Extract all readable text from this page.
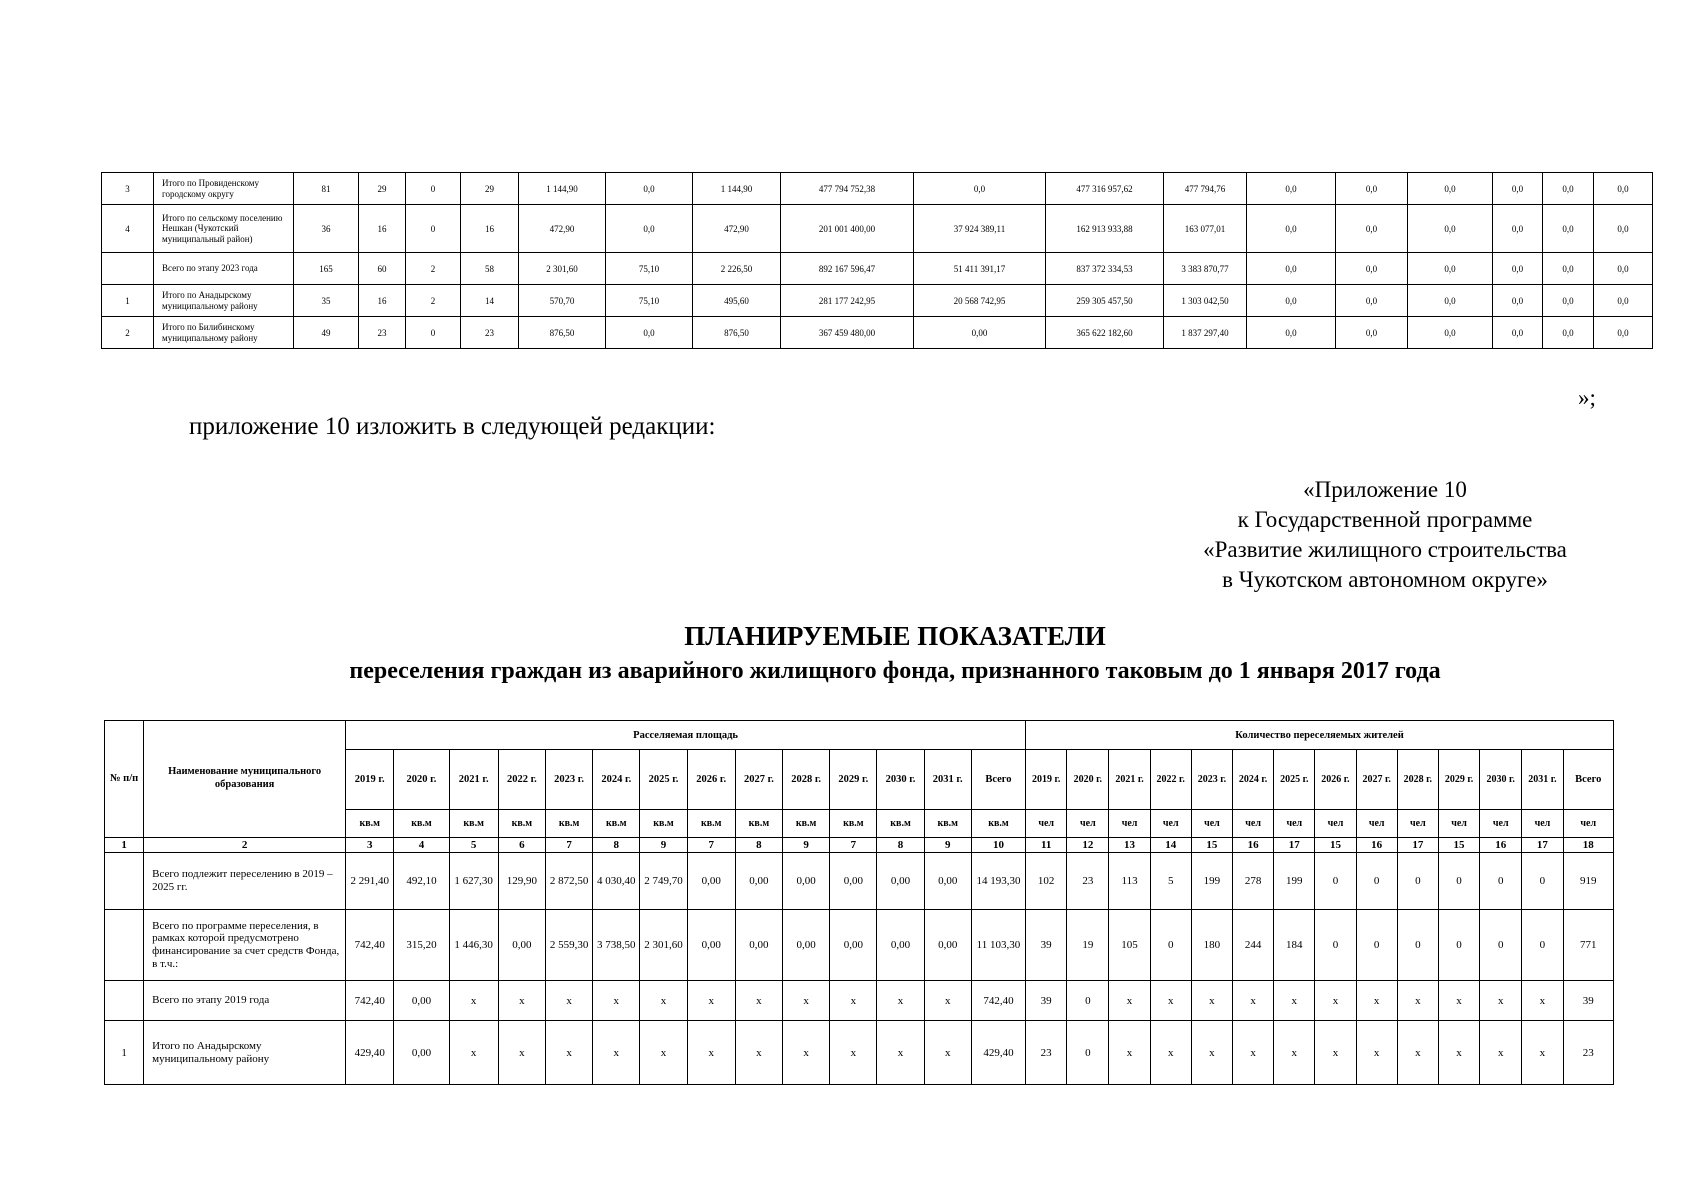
3	Итого по Провиденскому городскому округу	81	29	0	29	1 144,90	0,0	1 144,90	477 794 752,38	0,0	477 316 957,62	477 794,76	0,0	0,0	0,0	0,0	0,0	0,0
4	Итого по сельскому поселению Нешкан (Чукотский муниципальный район)	36	16	0	16	472,90	0,0	472,90	201 001 400,00	37 924 389,11	162 913 933,88	163 077,01	0,0	0,0	0,0	0,0	0,0	0,0
	Всего по этапу 2023 года	165	60	2	58	2 301,60	75,10	2 226,50	892 167 596,47	51 411 391,17	837 372 334,53	3 383 870,77	0,0	0,0	0,0	0,0	0,0	0,0
1	Итого по Анадырскому муниципальному району	35	16	2	14	570,70	75,10	495,60	281 177 242,95	20 568 742,95	259 305 457,50	1 303 042,50	0,0	0,0	0,0	0,0	0,0	0,0
2	Итого по Билибинскому муниципальному району	49	23	0	23	876,50	0,0	876,50	367 459 480,00	0,00	365 622 182,60	1 837 297,40	0,0	0,0	0,0	0,0	0,0	0,0
»;
приложение 10 изложить в следующей редакции:
«Приложение 10
к Государственной программе
«Развитие жилищного строительства
в Чукотском автономном округе»
ПЛАНИРУЕМЫЕ ПОКАЗАТЕЛИ
переселения граждан из аварийного жилищного фонда, признанного таковым до 1 января 2017 года
№ п/п	Наименование муниципального образования	Расселяемая площадь														Количество переселяемых жителей													
		2019 г.	2020 г.	2021 г.	2022 г.	2023 г.	2024 г.	2025 г.	2026 г.	2027 г.	2028 г.	2029 г.	2030 г.	2031 г.	Всего	2019 г.	2020 г.	2021 г.	2022 г.	2023 г.	2024 г.	2025 г.	2026 г.	2027 г.	2028 г.	2029 г.	2030 г.	2031 г.	Всего
		кв.м	кв.м	кв.м	кв.м	кв.м	кв.м	кв.м	кв.м	кв.м	кв.м	кв.м	кв.м	кв.м	кв.м	чел	чел	чел	чел	чел	чел	чел	чел	чел	чел	чел	чел	чел	чел
1	2	3	4	5	6	7	8	9	7	8	9	7	8	9	10	11	12	13	14	15	16	17	15	16	17	15	16	17	18
	Всего подлежит переселению в 2019 – 2025 гг.	2 291,40	492,10	1 627,30	129,90	2 872,50	4 030,40	2 749,70	0,00	0,00	0,00	0,00	0,00	0,00	14 193,30	102	23	113	5	199	278	199	0	0	0	0	0	0	919
	Всего по программе переселения, в рамках которой предусмотрено финансирование за счет средств Фонда, в т.ч.:	742,40	315,20	1 446,30	0,00	2 559,30	3 738,50	2 301,60	0,00	0,00	0,00	0,00	0,00	0,00	11 103,30	39	19	105	0	180	244	184	0	0	0	0	0	0	771
	Всего по этапу 2019 года	742,40	0,00	х	х	х	х	х	х	х	х	х	х	х	742,40	39	0	х	х	х	х	х	х	х	х	х	х	х	39
1	Итого по Анадырскому муниципальному району	429,40	0,00	х	х	х	х	х	х	х	х	х	х	х	429,40	23	0	х	х	х	х	х	х	х	х	х	х	х	23
